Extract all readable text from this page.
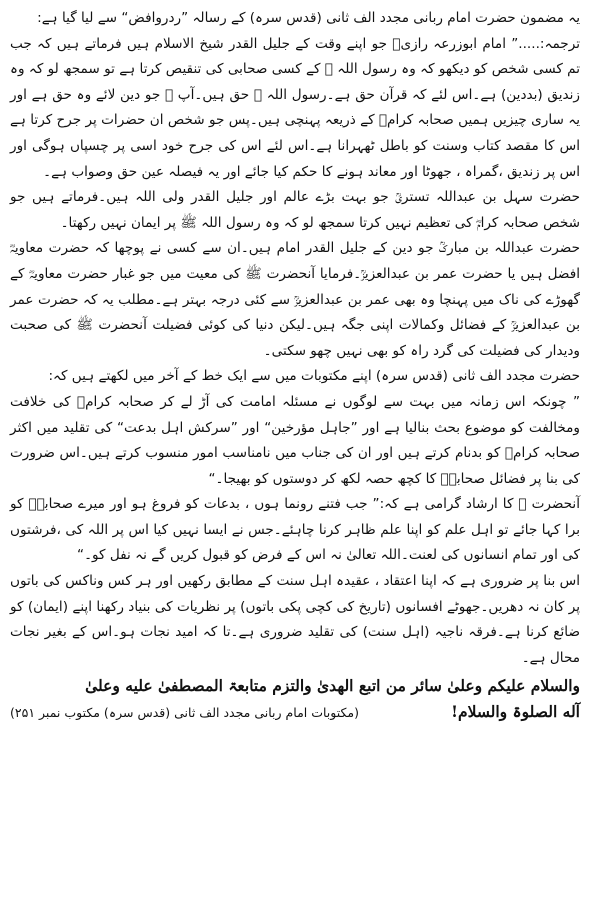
یہ مضمون حضرت امام ربانی مجدد الف ثانی (قدس سرہ) کے رسالہ ”ردروافض“ سے لیا گیا ہے:

ترجمہ:.....” امام ابوزرعہ رازیؒ جو اپنے وقت کے جلیل القدر شیخ الاسلام ہیں فرماتے ہیں کہ جب تم کسی شخص کو دیکھو کہ وہ رسول اللہ ﷺ کے کسی صحابی کی تنقیص کرتا ہے تو سمجھ لو کہ وہ زندیق (بددین) ہے۔اس لئے کہ قرآن حق ہے۔رسول اللہ ﷺ حق ہیں۔آپ ﷺ جو دین لائے وہ حق ہے اور یہ ساری چیزیں ہمیں صحابہ کرامؓ کے ذریعہ پہنچی ہیں۔پس جو شخص ان حضرات پر جرح کرتا ہے اس کا مقصد کتاب وسنت کو باطل ٹھہرانا ہے۔اس لئے اس کی جرح خود اسی پر چسپاں ہوگی اور اس پر زندیق ،گمراہ ، جھوٹا اور معاند ہونے کا حکم کیا جائے اور یہ فیصلہ عین حق وصواب ہے۔

حضرت سہل بن عبداللہ تستریؒ جو بہت بڑے عالم اور جلیل القدر ولی اللہ ہیں۔فرماتے ہیں جو شخص صحابہ کرامؓ کی تعظیم نہیں کرتا سمجھ لو کہ وہ رسول اللہ ﷺ پر ایمان نہیں رکھتا۔

حضرت عبداللہ بن مبارکؒ جو دین کے جلیل القدر امام ہیں۔ان سے کسی نے پوچھا کہ حضرت معاویہؓ افضل ہیں یا حضرت عمر بن عبدالعزیزؒ۔فرمایا آنحضرت ﷺ کی معیت میں جو غبار حضرت معاویہؓ کے گھوڑے کی ناک میں پہنچا وہ بھی عمر بن عبدالعزیزؒ سے کئی درجہ بہتر ہے۔مطلب یہ کہ حضرت عمر بن عبدالعزیزؒ کے فضائل وکمالات اپنی جگہ ہیں۔لیکن دنیا کی کوئی فضیلت آنحضرت ﷺ کی صحبت ودیدار کی فضیلت کی گرد راہ کو بھی نہیں چھو سکتی۔

حضرت مجدد الف ثانی (قدس سرہ) اپنے مکتوبات میں سے ایک خط کے آخر میں لکھتے ہیں کہ:

” چونکہ اس زمانہ میں بہت سے لوگوں نے مسئلہ امامت کی آڑ لے کر صحابہ کرامؓ کی خلافت ومخالفت کو موضوع بحث بنالیا ہے اور ”جاہل مؤرخین“ اور ”سرکش اہل بدعت“ کی تقلید میں اکثر صحابہ کرامؓ کو بدنام کرتے ہیں اور ان کی جناب میں نامناسب امور منسوب کرتے ہیں۔اس ضرورت کی بنا پر فضائل صحابہؓ کا کچھ حصہ لکھ کر دوستوں کو بھیجا۔“

آنحضرت ﷺ کا ارشاد گرامی ہے کہ:” جب فتنے رونما ہوں ، بدعات کو فروغ ہو اور میرے صحابہؓ کو برا کہا جائے تو اہل علم کو اپنا علم ظاہر کرنا چاہئے۔جس نے ایسا نہیں کیا اس پر اللہ کی ،فرشتوں کی اور تمام انسانوں کی لعنت۔اللہ تعالیٰ نہ اس کے فرض کو قبول کریں گے نہ نفل کو۔“

اس بنا پر ضروری ہے کہ اپنا اعتقاد ، عقیدہ اہل سنت کے مطابق رکھیں اور ہر کس وناکس کی باتوں پر کان نہ دھریں۔جھوٹے افسانوں (تاریخ کی کچی پکی باتوں) پر نظریات کی بنیاد رکھنا اپنے (ایمان) کو ضائع کرنا ہے۔فرقہ ناجیہ (اہل سنت) کی تقلید ضروری ہے۔تا کہ امید نجات ہو۔اس کے بغیر نجات محال ہے۔

والسلام علیکم وعلیٰ سائر من اتبع الھدیٰ والتزم متابعۃ المصطفیٰ علیه وعلیٰ

آله الصلوۃ والسلام!
(مکتوبات امام ربانی مجدد الف ثانی (قدس سرہ) مکتوب نمبر ۲۵۱)
